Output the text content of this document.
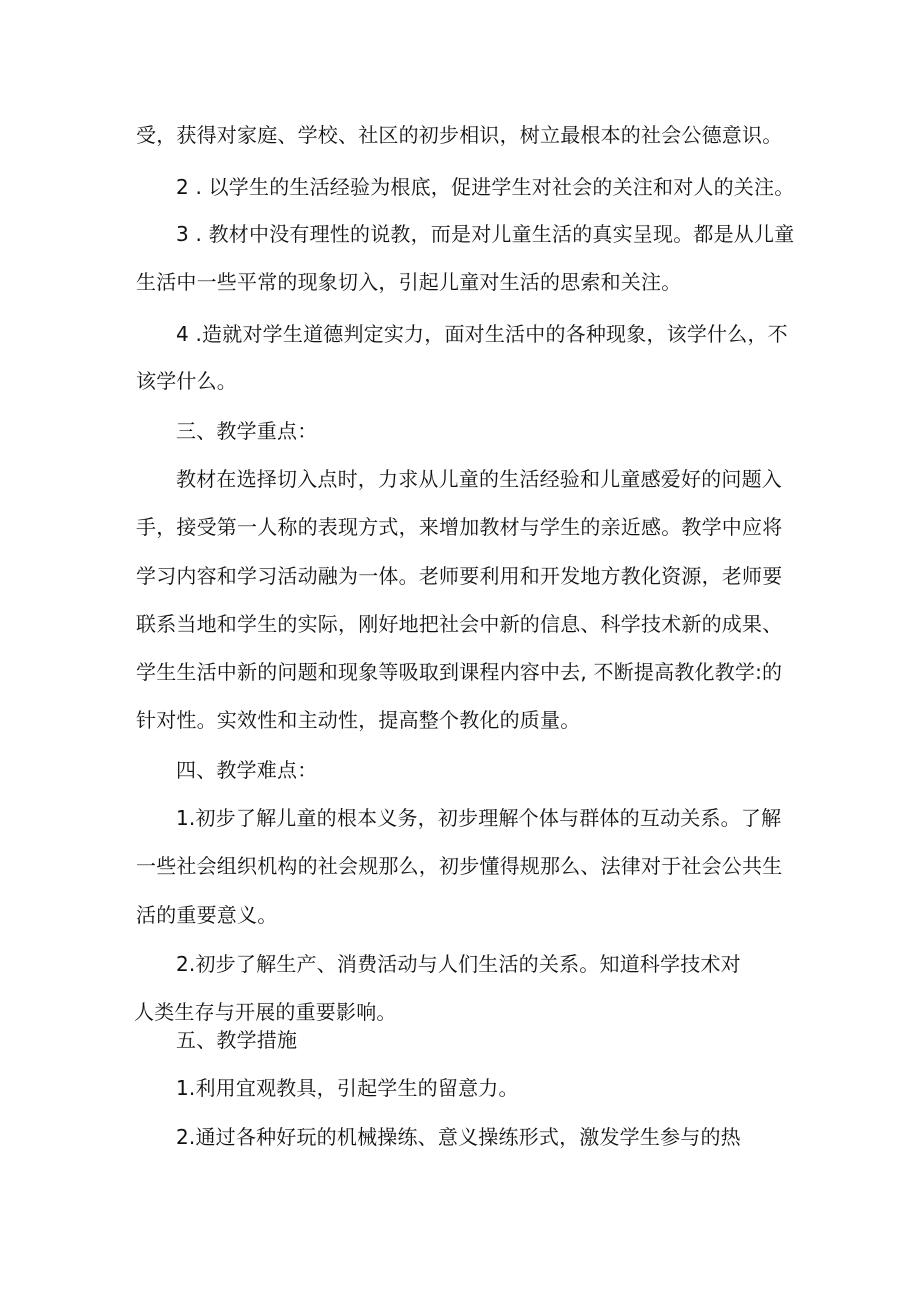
受，获得对家庭、学校、社区的初步相识，树立最根本的社会公德意识。
2 . 以学生的生活经验为根底，促进学生对社会的关注和对人的关注。
3 . 教材中没有理性的说教，而是对儿童生活的真实呈现。都是从儿童
生活中一些平常的现象切入，引起儿童对生活的思索和关注。
4 .造就对学生道德判定实力，面对生活中的各种现象，该学什么，不
该学什么。
三、教学重点：
教材在选择切入点时，力求从儿童的生活经验和儿童感爱好的问题入
手，接受第一人称的表现方式，来增加教材与学生的亲近感。教学中应将
学习内容和学习活动融为一体。老师要利用和开发地方教化资源，老师要
联系当地和学生的实际，刚好地把社会中新的信息、科学技术新的成果、
学生生活中新的问题和现象等吸取到课程内容中去, 不断提高教化教学:的
针对性。实效性和主动性，提高整个教化的质量。
四、教学难点：
1.初步了解儿童的根本义务，初步理解个体与群体的互动关系。了解
一些社会组织机构的社会规那么，初步懂得规那么、法律对于社会公共生
活的重要意义。
2.初步了解生产、消费活动与人们生活的关系。知道科学技术对
人类生存与开展的重要影响。
五、教学措施
1.利用宜观教具，引起学生的留意力。
2.通过各种好玩的机械操练、意义操练形式，激发学生参与的热
